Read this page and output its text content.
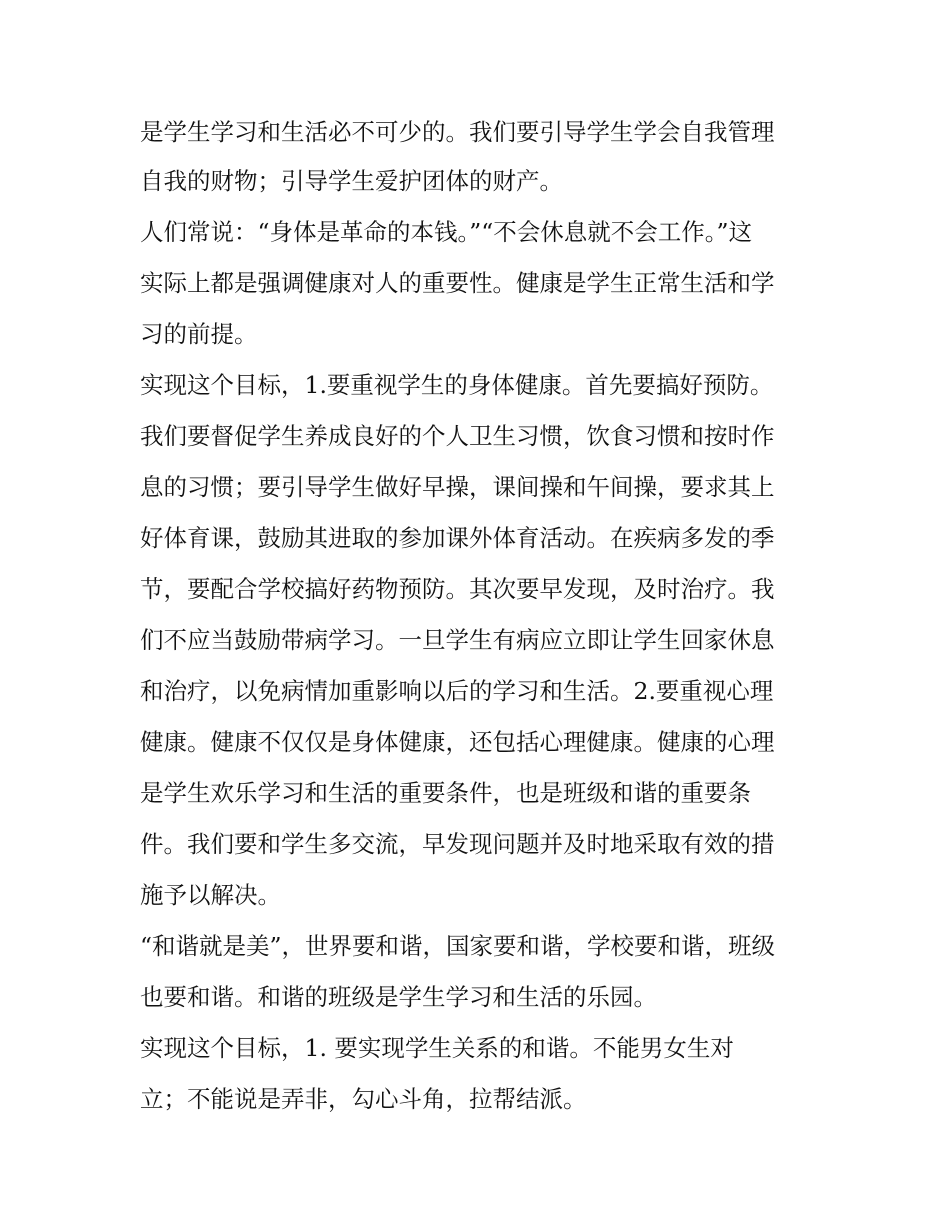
是学生学习和生活必不可少的。我们要引导学生学会自我管理
自我的财物；引导学生爱护团体的财产。
人们常说：“身体是革命的本钱。”“不会休息就不会工作。”这
实际上都是强调健康对人的重要性。健康是学生正常生活和学
习的前提。
实现这个目标，1.要重视学生的身体健康。首先要搞好预防。
我们要督促学生养成良好的个人卫生习惯，饮食习惯和按时作
息的习惯；要引导学生做好早操，课间操和午间操，要求其上
好体育课，鼓励其进取的参加课外体育活动。在疾病多发的季
节，要配合学校搞好药物预防。其次要早发现，及时治疗。我
们不应当鼓励带病学习。一旦学生有病应立即让学生回家休息
和治疗，以免病情加重影响以后的学习和生活。2.要重视心理
健康。健康不仅仅是身体健康，还包括心理健康。健康的心理
是学生欢乐学习和生活的重要条件，也是班级和谐的重要条
件。我们要和学生多交流，早发现问题并及时地采取有效的措
施予以解决。
“和谐就是美”，世界要和谐，国家要和谐，学校要和谐，班级
也要和谐。和谐的班级是学生学习和生活的乐园。
实现这个目标，1. 要实现学生关系的和谐。不能男女生对
立；不能说是弄非，勾心斗角，拉帮结派。
